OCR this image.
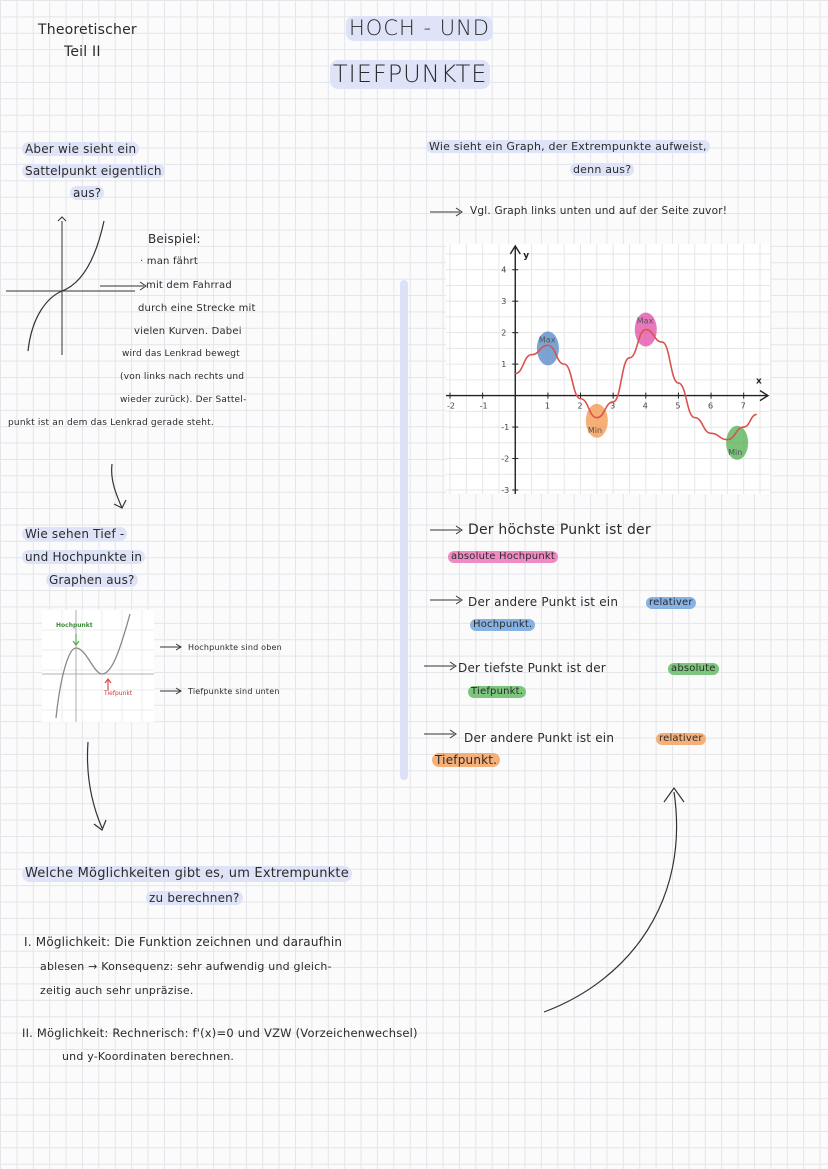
Theoretischer
Teil II
HOCH - UND
TIEFPUNKTE
Aber wie sieht ein
Sattelpunkt eigentlich
aus?
Beispiel:
· man fährt
mit dem Fahrrad
durch eine Strecke mit
vielen Kurven. Dabei
wird das Lenkrad bewegt
(von links nach rechts und
wieder zurück). Der Sattel-
punkt ist an dem das Lenkrad gerade steht.
Wie sehen Tief -
und Hochpunkte in
Graphen aus?
Hochpunkt
Tiefpunkt
Hochpunkte sind oben
Tiefpunkte sind unten
Wie sieht ein Graph, der Extrempunkte aufweist,
denn aus?
Vgl. Graph links unten und auf der Seite zuvor!
-2	-1	1	2	3	4	5	6	7
4
3
2
1
-1
-2
-3
x
y
Max
Max
Min
Min
Der höchste Punkt ist der
absolute Hochpunkt
Der andere Punkt ist ein	relativer
Hochpunkt.
Der tiefste Punkt ist der	absolute
Tiefpunkt.
Der andere Punkt ist ein	relativer
Tiefpunkt.
Welche Möglichkeiten gibt es, um Extrempunkte
zu berechnen?
I. Möglichkeit: Die Funktion zeichnen und daraufhin
ablesen → Konsequenz: sehr aufwendig und gleich-
zeitig auch sehr unpräzise.
II. Möglichkeit: Rechnerisch: f'(x)=0 und VZW (Vorzeichenwechsel)
und y-Koordinaten berechnen.
